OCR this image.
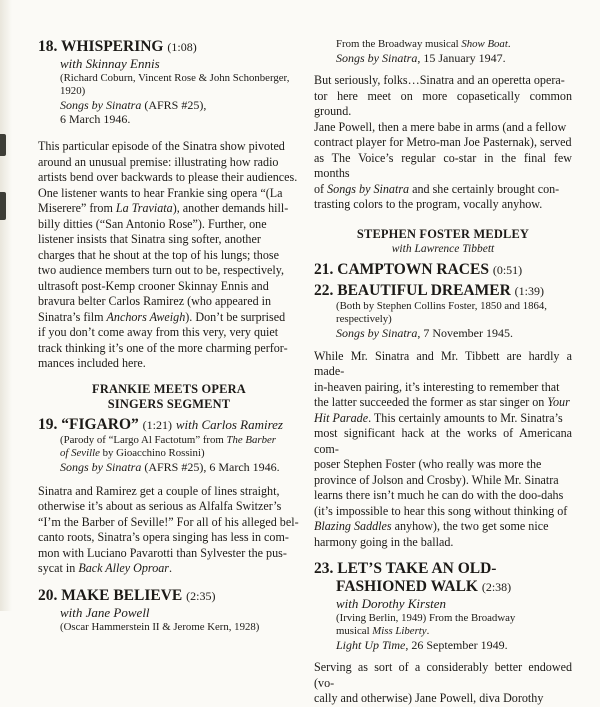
18. WHISPERING (1:08)
with Skinnay Ennis
(Richard Coburn, Vincent Rose & John Schonberger, 1920)
Songs by Sinatra (AFRS #25),
6 March 1946.
This particular episode of the Sinatra show pivoted
around an unusual premise: illustrating how radio
artists bend over backwards to please their audiences.
One listener wants to hear Frankie sing opera “(La
Miserere” from La Traviata), another demands hill-
billy ditties (“San Antonio Rose”). Further, one
listener insists that Sinatra sing softer, another
charges that he shout at the top of his lungs; those
two audience members turn out to be, respectively,
ultrasoft post-Kemp crooner Skinnay Ennis and
bravura belter Carlos Ramirez (who appeared in
Sinatra’s film Anchors Aweigh). Don’t be surprised
if you don’t come away from this very, very quiet
track thinking it’s one of the more charming perfor-
mances included here.
FRANKIE MEETS OPERA
SINGERS SEGMENT
19. “FIGARO” (1:21) with Carlos Ramirez
(Parody of “Largo Al Factotum” from The Barber
of Seville by Gioacchino Rossini)
Songs by Sinatra (AFRS #25), 6 March 1946.
Sinatra and Ramirez get a couple of lines straight,
otherwise it’s about as serious as Alfalfa Switzer’s
“I’m the Barber of Seville!” For all of his alleged bel-
canto roots, Sinatra’s opera singing has less in com-
mon with Luciano Pavarotti than Sylvester the pus-
sycat in Back Alley Oproar.
20. MAKE BELIEVE (2:35)
with Jane Powell
(Oscar Hammerstein II & Jerome Kern, 1928)
From the Broadway musical Show Boat.
Songs by Sinatra, 15 January 1947.
But seriously, folks…Sinatra and an operetta opera-
tor here meet on more copasetically common ground.
Jane Powell, then a mere babe in arms (and a fellow
contract player for Metro-man Joe Pasternak), served
as The Voice’s regular co-star in the final few months
of Songs by Sinatra and she certainly brought con-
trasting colors to the program, vocally anyhow.
STEPHEN FOSTER MEDLEY
with Lawrence Tibbett
21. CAMPTOWN RACES (0:51)
22. BEAUTIFUL DREAMER (1:39)
(Both by Stephen Collins Foster, 1850 and 1864, respectively)
Songs by Sinatra, 7 November 1945.
While Mr. Sinatra and Mr. Tibbett are hardly a made-
in-heaven pairing, it’s interesting to remember that
the latter succeeded the former as star singer on Your
Hit Parade. This certainly amounts to Mr. Sinatra’s
most significant hack at the works of Americana com-
poser Stephen Foster (who really was more the
province of Jolson and Crosby). While Mr. Sinatra
learns there isn’t much he can do with the doo-dahs
(it’s impossible to hear this song without thinking of
Blazing Saddles anyhow), the two get some nice
harmony going in the ballad.
23. LET’S TAKE AN OLD-
FASHIONED WALK (2:38)
with Dorothy Kirsten
(Irving Berlin, 1949) From the Broadway
musical Miss Liberty.
Light Up Time, 26 September 1949.
Serving as sort of a considerably better endowed (vo-
cally and otherwise) Jane Powell, diva Dorothy
